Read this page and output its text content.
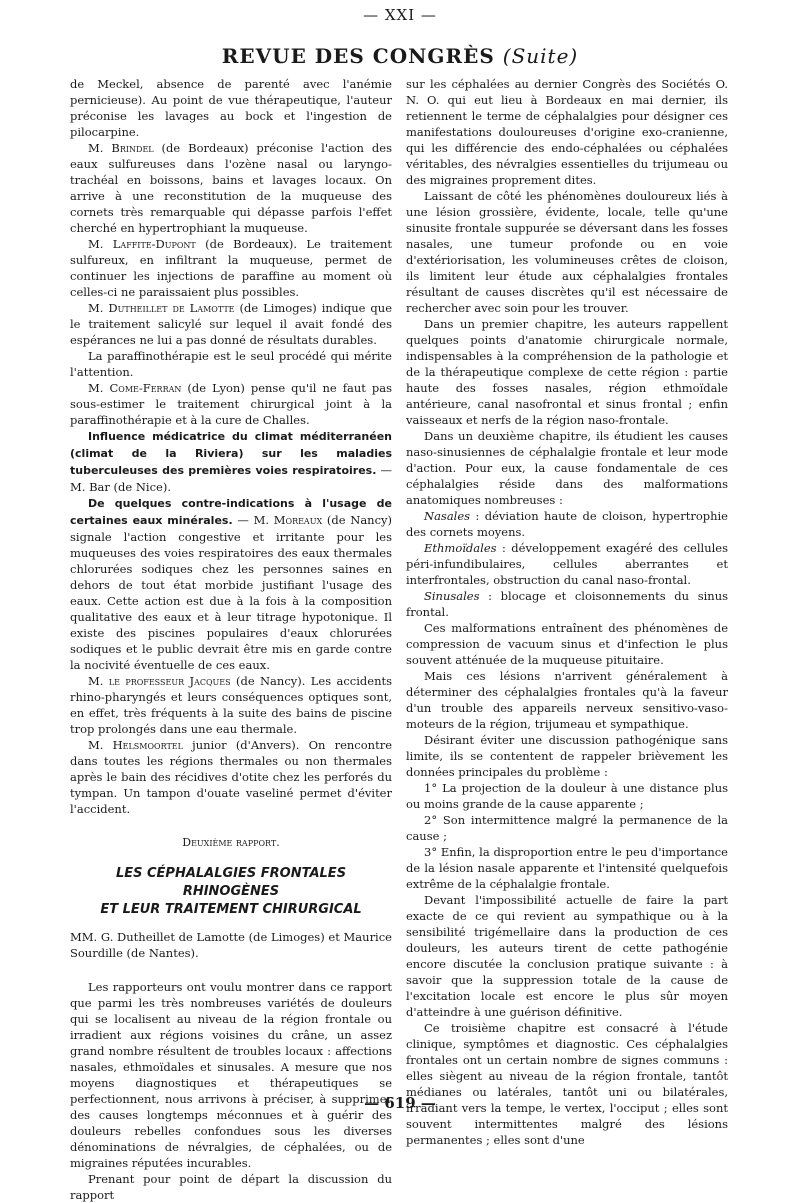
— XXI —
REVUE DES CONGRÈS (Suite)

de Meckel, absence de parenté avec l'anémie pernicieuse). Au point de vue thérapeutique, l'auteur préconise les lavages au bock et l'ingestion de pilocarpine.

M. Brindel (de Bordeaux) préconise l'action des eaux sulfureuses dans l'ozène nasal ou laryngo-trachéal en boissons, bains et lavages locaux. On arrive à une reconstitution de la muqueuse des cornets très remarquable qui dépasse parfois l'effet cherché en hypertrophiant la muqueuse.

M. Laffite-Dupont (de Bordeaux). Le traitement sulfureux, en infiltrant la muqueuse, permet de continuer les injections de paraffine au moment où celles-ci ne paraissaient plus possibles.

M. Dutheillet de Lamotte (de Limoges) indique que le traitement salicylé sur lequel il avait fondé des espérances ne lui a pas donné de résultats durables.

La paraffinothérapie est le seul procédé qui mérite l'attention.

M. Come-Ferran (de Lyon) pense qu'il ne faut pas sous-estimer le traitement chirurgical joint à la paraffinothérapie et à la cure de Challes.

Influence médicatrice du climat méditerranéen (climat de la Riviera) sur les maladies tuberculeuses des premières voies respiratoires. — M. Bar (de Nice).

De quelques contre-indications à l'usage de certaines eaux minérales. — M. Moreaux (de Nancy) signale l'action congestive et irritante pour les muqueuses des voies respiratoires des eaux thermales chlorurées sodiques chez les personnes saines en dehors de tout état morbide justifiant l'usage des eaux. Cette action est due à la fois à la composition qualitative des eaux et à leur titrage hypotonique. Il existe des piscines populaires d'eaux chlorurées sodiques et le public devrait être mis en garde contre la nocivité éventuelle de ces eaux.

M. le professeur Jacques (de Nancy). Les accidents rhino-pharyngés et leurs conséquences optiques sont, en effet, très fréquents à la suite des bains de piscine trop prolongés dans une eau thermale.

M. Helsmoortel junior (d'Anvers). On rencontre dans toutes les régions thermales ou non thermales après le bain des récidives d'otite chez les perforés du tympan. Un tampon d'ouate vaseliné permet d'éviter l'accident.

Deuxième rapport.

LES CÉPHALALGIES FRONTALES RHINOGÈNES
ET LEUR TRAITEMENT CHIRURGICAL

MM. G. Dutheillet de Lamotte (de Limoges) et Maurice Sourdille (de Nantes).

Les rapporteurs ont voulu montrer dans ce rapport que parmi les très nombreuses variétés de douleurs qui se localisent au niveau de la région frontale ou irradient aux régions voisines du crâne, un assez grand nombre résultent de troubles locaux : affections nasales, ethmoïdales et sinusales. A mesure que nos moyens diagnostiques et thérapeutiques se perfectionnent, nous arrivons à préciser, à supprimer des causes longtemps méconnues et à guérir des douleurs rebelles confondues sous les diverses dénominations de névralgies, de céphalées, ou de migraines réputées incurables.

Prenant pour point de départ la discussion du rapport

sur les céphalées au dernier Congrès des Sociétés O. N. O. qui eut lieu à Bordeaux en mai dernier, ils retiennent le terme de céphalalgies pour désigner ces manifestations douloureuses d'origine exo-cranienne, qui les différencie des endo-céphalées ou céphalées véritables, des névralgies essentielles du trijumeau ou des migraines proprement dites.

Laissant de côté les phénomènes douloureux liés à une lésion grossière, évidente, locale, telle qu'une sinusite frontale suppurée se déversant dans les fosses nasales, une tumeur profonde ou en voie d'extériorisation, les volumineuses crêtes de cloison, ils limitent leur étude aux céphalalgies frontales résultant de causes discrètes qu'il est nécessaire de rechercher avec soin pour les trouver.

Dans un premier chapitre, les auteurs rappellent quelques points d'anatomie chirurgicale normale, indispensables à la compréhension de la pathologie et de la thérapeutique complexe de cette région : partie haute des fosses nasales, région ethmoïdale antérieure, canal nasofrontal et sinus frontal ; enfin vaisseaux et nerfs de la région naso-frontale.

Dans un deuxième chapitre, ils étudient les causes naso-sinusiennes de céphalalgie frontale et leur mode d'action. Pour eux, la cause fondamentale de ces céphalalgies réside dans des malformations anatomiques nombreuses :

Nasales : déviation haute de cloison, hypertrophie des cornets moyens.

Ethmoïdales : développement exagéré des cellules péri-infundibulaires, cellules aberrantes et interfrontales, obstruction du canal naso-frontal.

Sinusales : blocage et cloisonnements du sinus frontal.

Ces malformations entraînent des phénomènes de compression de vacuum sinus et d'infection le plus souvent atténuée de la muqueuse pituitaire.

Mais ces lésions n'arrivent généralement à déterminer des céphalalgies frontales qu'à la faveur d'un trouble des appareils nerveux sensitivo-vaso-moteurs de la région, trijumeau et sympathique.

Désirant éviter une discussion pathogénique sans limite, ils se contentent de rappeler brièvement les données principales du problème :

1° La projection de la douleur à une distance plus ou moins grande de la cause apparente ;

2° Son intermittence malgré la permanence de la cause ;

3° Enfin, la disproportion entre le peu d'importance de la lésion nasale apparente et l'intensité quelquefois extrême de la céphalalgie frontale.

Devant l'impossibilité actuelle de faire la part exacte de ce qui revient au sympathique ou à la sensibilité trigémellaire dans la production de ces douleurs, les auteurs tirent de cette pathogénie encore discutée la conclusion pratique suivante : à savoir que la suppression totale de la cause de l'excitation locale est encore le plus sûr moyen d'atteindre à une guérison définitive.

Ce troisième chapitre est consacré à l'étude clinique, symptômes et diagnostic. Ces céphalalgies frontales ont un certain nombre de signes communs : elles siègent au niveau de la région frontale, tantôt médianes ou latérales, tantôt uni ou bilatérales, irradiant vers la tempe, le vertex, l'occiput ; elles sont souvent intermittentes malgré des lésions permanentes ; elles sont d'une

— 619 —
